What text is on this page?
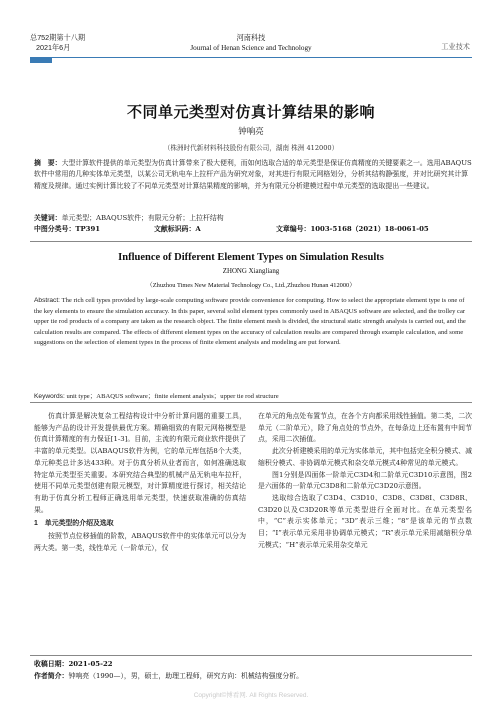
总752期第十八期
2021年6月
河南科技
Journal of Henan Science and Technology	工业技术
不同单元类型对仿真计算结果的影响
钟响亮
（株洲时代新材料科技股份有限公司，湖南 株洲 412000）
摘　要：大型计算软件提供的单元类型为仿真计算带来了极大便利，而如何选取合适的单元类型是保证仿真精度的关键要素之一。选用ABAQUS软件中常用的几种实体单元类型，以某公司无轨电车上拉杆产品为研究对象，对其进行有限元网格划分，分析其结构静强度，并对比研究其计算精度及规律。通过实例计算比较了不同单元类型对计算结果精度的影响，并为有限元分析建模过程中单元类型的选取提出一些建议。
关键词：单元类型；ABAQUS软件；有限元分析；上拉杆结构
中图分类号：TP391	文献标识码：A	文章编号：1003-5168（2021）18-0061-05
Influence of Different Element Types on Simulation Results
ZHONG Xiangliang
（Zhuzhou Times New Material Technology Co., Ltd.,Zhuzhou Hunan 412000）
Abstract: The rich cell types provided by large-scale computing software provide convenience for computing. How to select the appropriate element type is one of the key elements to ensure the simulation accuracy. In this paper, several solid element types commonly used in ABAQUS software are selected, and the trolley car upper tie rod products of a company are taken as the research object. The finite element mesh is divided, the structural static strength analysis is carried out, and the calculation results are compared. The effects of different element types on the accuracy of calculation results are compared through example calculation, and some suggestions on the selection of element types in the process of finite element analysis and modeling are put forward.
Keywords: unit type；ABAQUS software；finite element analysis；upper tie rod structure

仿真计算是解决复杂工程结构设计中分析计算问题的重要工具，能够为产品的设计开发提供最优方案。精确细致的有限元网格模型是仿真计算精度的有力保证[1-3]。目前，主流的有限元商业软件提供了丰富的单元类型。以ABAQUS软件为例，它的单元库包括8个大类，单元种类总计多达433种。对于仿真分析从业者而言，如何准确选取特定单元类型至关重要。本研究结合典型的机械产品无轨电车拉杆，使用不同单元类型创建有限元模型，对计算精度进行探讨，相关结论有助于仿真分析工程师正确选用单元类型，快速获取准确的仿真结果。

1　单元类型的介绍及选取

按照节点位移插值的阶数，ABAQUS软件中的实体单元可以分为两大类。第一类，线性单元（一阶单元），仅

在单元的角点处布置节点，在各个方向都采用线性插值。第二类，二次单元（二阶单元），除了角点处的节点外，在每条边上还布置有中间节点，采用二次插值。

此次分析建模采用的单元为实体单元，其中包括完全积分模式、减缩积分模式、非协调单元模式和杂交单元模式4种常见的单元模式。

图1分别是四面体一阶单元C3D4和二阶单元C3D10示意图，图2是六面体的一阶单元C3D8和二阶单元C3D20示意图。

选取综合选取了C3D4、C3D10、C3D8、C3D8I、C3D8R、C3D20以及C3D20R等单元类型进行全面对比。在单元类型名中，“C”表示实体单元；“3D”表示三维；“8”是该单元的节点数目；“I”表示单元采用非协调单元模式；“R”表示单元采用减缩积分单元模式；“H”表示单元采用杂交单元

收稿日期：2021-05-22
作者简介：钟响亮（1990—），男，硕士，助理工程师，研究方向：机械结构强度分析。
Copyright©博看网. All Rights Reserved.
